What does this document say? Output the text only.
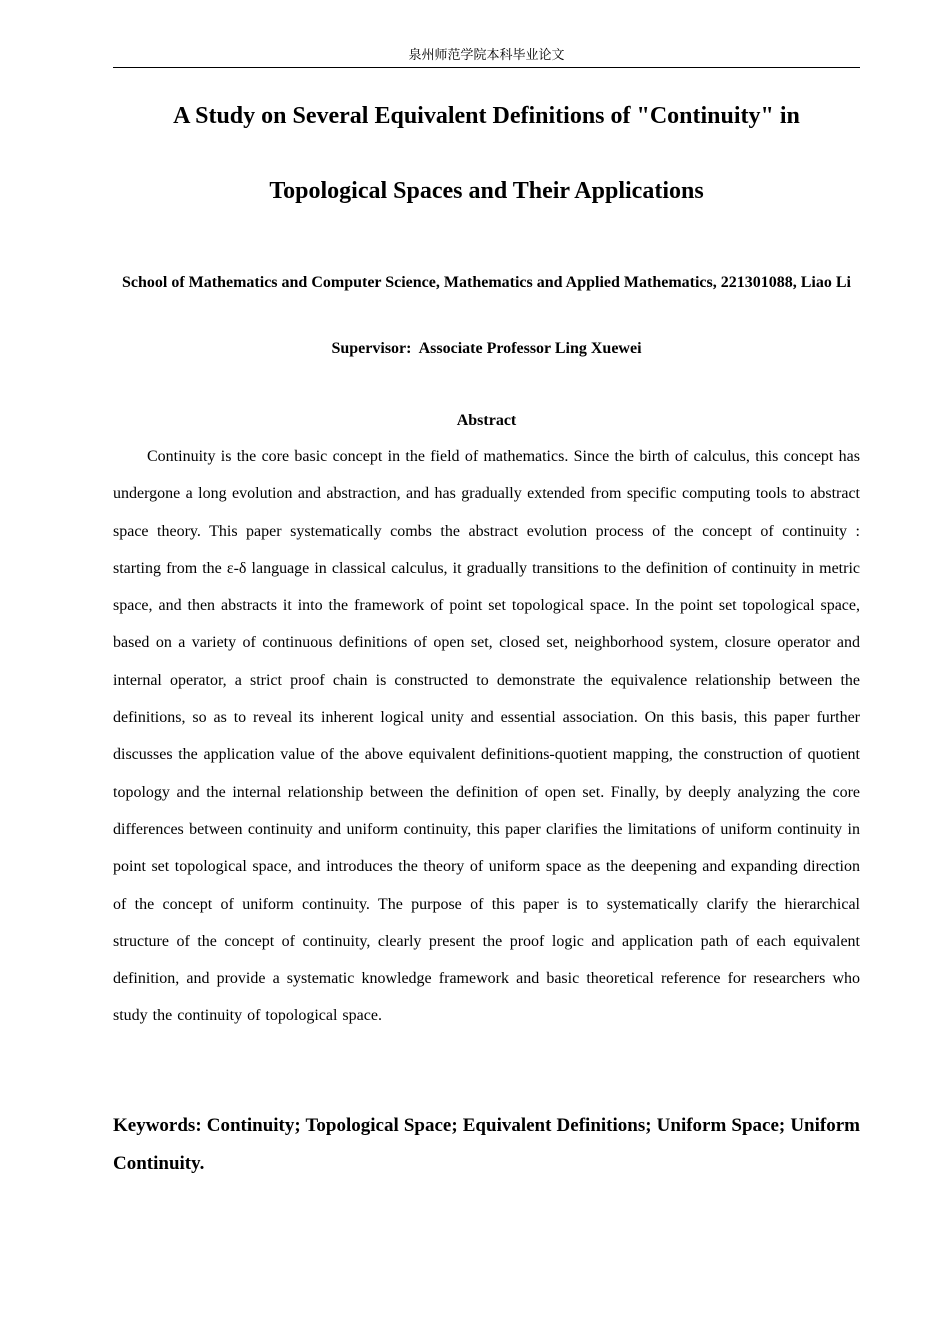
泉州师范学院本科毕业论文
A Study on Several Equivalent Definitions of "Continuity" in
Topological Spaces and Their Applications
School of Mathematics and Computer Science, Mathematics and Applied Mathematics, 221301088, Liao Li
Supervisor:  Associate Professor Ling Xuewei
Abstract

Continuity is the core basic concept in the field of mathematics. Since the birth of calculus, this concept has undergone a long evolution and abstraction, and has gradually extended from specific computing tools to abstract space theory. This paper systematically combs the abstract evolution process of the concept of continuity : starting from the ε-δ language in classical calculus, it gradually transitions to the definition of continuity in metric space, and then abstracts it into the framework of point set topological space. In the point set topological space, based on a variety of continuous definitions of open set, closed set, neighborhood system, closure operator and internal operator, a strict proof chain is constructed to demonstrate the equivalence relationship between the definitions, so as to reveal its inherent logical unity and essential association. On this basis, this paper further discusses the application value of the above equivalent definitions-quotient mapping, the construction of quotient topology and the internal relationship between the definition of open set. Finally, by deeply analyzing the core differences between continuity and uniform continuity, this paper clarifies the limitations of uniform continuity in point set topological space, and introduces the theory of uniform space as the deepening and expanding direction of the concept of uniform continuity. The purpose of this paper is to systematically clarify the hierarchical structure of the concept of continuity, clearly present the proof logic and application path of each equivalent definition, and provide a systematic knowledge framework and basic theoretical reference for researchers who study the continuity of topological space.

Keywords: Continuity; Topological Space; Equivalent Definitions; Uniform Space; Uniform Continuity.
